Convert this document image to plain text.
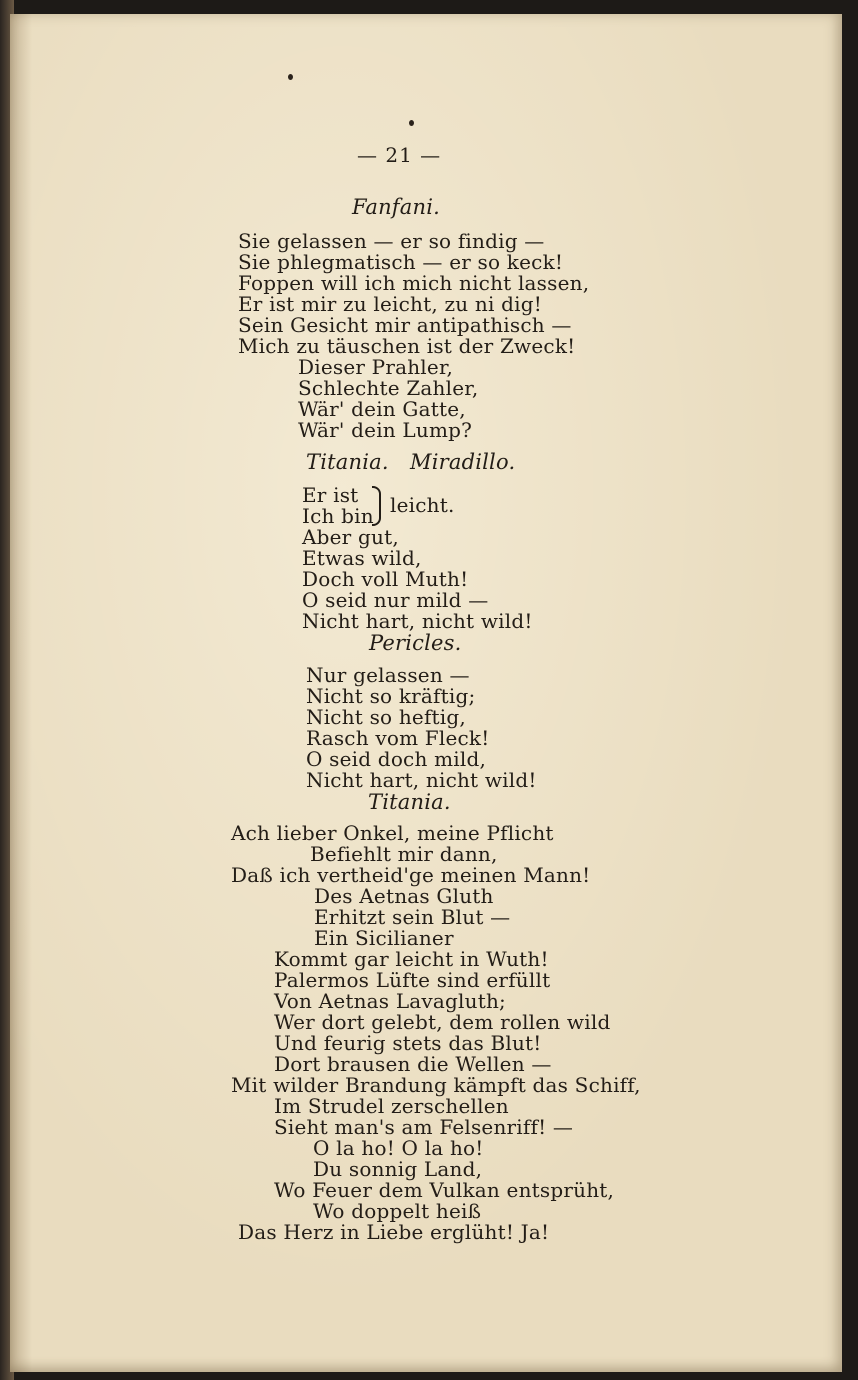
— 21 —
Fanfani.
Sie gelassen — er so findig —
Sie phlegmatisch — er so keck!
Foppen will ich mich nicht lassen,
Er ist mir zu leicht, zu ni dig!
Sein Gesicht mir antipathisch —
Mich zu täuschen ist der Zweck!
Dieser Prahler,
Schlechte Zahler,
Wär' dein Gatte,
Wär' dein Lump?
Titania. Miradillo.
Er ist
Ich bin leicht.
Aber gut,
Etwas wild,
Doch voll Muth!
O seid nur mild —
Nicht hart, nicht wild!
Pericles.
Nur gelassen —
Nicht so kräftig;
Nicht so heftig,
Rasch vom Fleck!
O seid doch mild,
Nicht hart, nicht wild!
Titania.
Ach lieber Onkel, meine Pflicht
Befiehlt mir dann,
Daß ich vertheid'ge meinen Mann!
Des Aetnas Gluth
Erhitzt sein Blut —
Ein Sicilianer
Kommt gar leicht in Wuth!
Palermos Lüfte sind erfüllt
Von Aetnas Lavagluth;
Wer dort gelebt, dem rollen wild
Und feurig stets das Blut!
Dort brausen die Wellen —
Mit wilder Brandung kämpft das Schiff,
Im Strudel zerschellen
Sieht man's am Felsenriff! —
O la ho! O la ho!
Du sonnig Land,
Wo Feuer dem Vulkan entsprüht,
Wo doppelt heiß
Das Herz in Liebe erglüht! Ja!
